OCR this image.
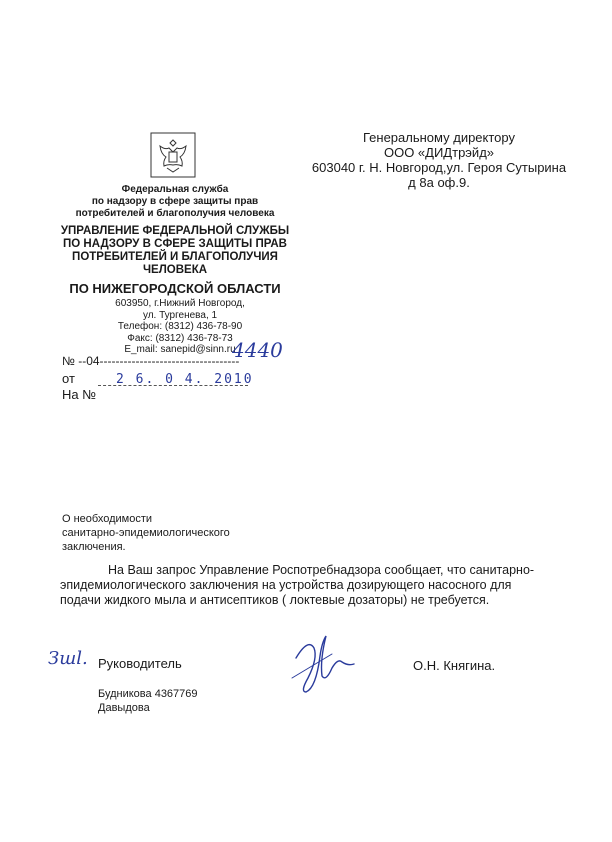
Федеральная служба
по надзору в сфере защиты прав
потребителей и благополучия человека
УПРАВЛЕНИЕ ФЕДЕРАЛЬНОЙ СЛУЖБЫ
ПО НАДЗОРУ В СФЕРЕ ЗАЩИТЫ ПРАВ
ПОТРЕБИТЕЛЕЙ И БЛАГОПОЛУЧИЯ
ЧЕЛОВЕКА
ПО НИЖЕГОРОДСКОЙ ОБЛАСТИ
603950, г.Нижний Новгород,
ул. Тургенева, 1
Телефон: (8312) 436-78-90
Факс: (8312) 436-78-73
E_mail: sanepid@sinn.ru
№ --04-----------------------------------
4440
от	2 6. 0 4. 2010
На №
Генеральному директору
ООО «ДИДтрэйд»
603040 г. Н. Новгород,ул. Героя Сутырина
д 8а оф.9.
О необходимости
санитарно-эпидемиологического
заключения.
На Ваш запрос Управление Роспотребнадзора сообщает, что санитарно-
эпидемиологического заключения на устройства дозирующего насосного для
подачи жидкого мыла и антисептиков ( локтевые дозаторы) не требуется.
Зшl. Руководитель	О.Н. Княгина.
Будникова 4367769
Давыдова
